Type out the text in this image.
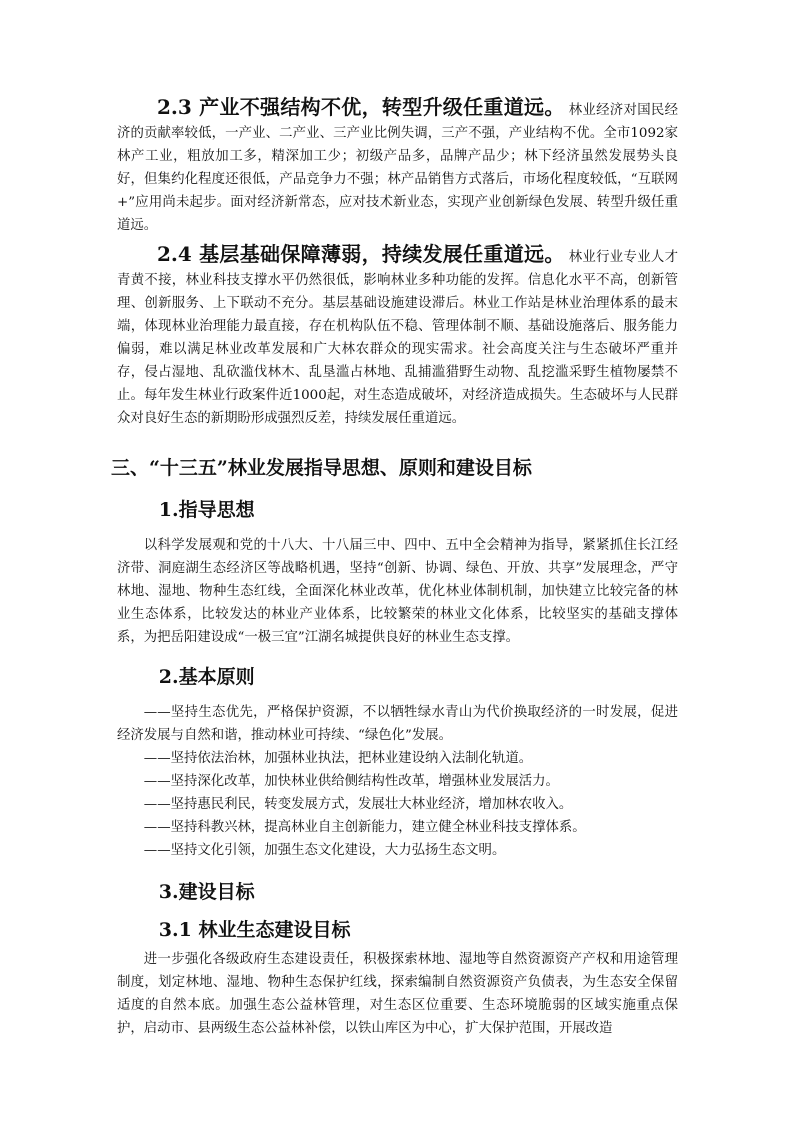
2.3 产业不强结构不优，转型升级任重道远。 林业经济对国民经济的贡献率较低，一产业、二产业、三产业比例失调，三产不强，产业结构不优。全市1092家林产工业，粗放加工多，精深加工少；初级产品多，品牌产品少；林下经济虽然发展势头良好，但集约化程度还很低，产品竞争力不强；林产品销售方式落后，市场化程度较低，“互联网+”应用尚未起步。面对经济新常态，应对技术新业态，实现产业创新绿色发展、转型升级任重道远。

2.4 基层基础保障薄弱，持续发展任重道远。 林业行业专业人才青黄不接，林业科技支撑水平仍然很低，影响林业多种功能的发挥。信息化水平不高，创新管理、创新服务、上下联动不充分。基层基础设施建设滞后。林业工作站是林业治理体系的最末端，体现林业治理能力最直接，存在机构队伍不稳、管理体制不顺、基础设施落后、服务能力偏弱，难以满足林业改革发展和广大林农群众的现实需求。社会高度关注与生态破坏严重并存，侵占湿地、乱砍滥伐林木、乱垦滥占林地、乱捕滥猎野生动物、乱挖滥采野生植物屡禁不止。每年发生林业行政案件近1000起，对生态造成破坏，对经济造成损失。生态破坏与人民群众对良好生态的新期盼形成强烈反差，持续发展任重道远。

三、“十三五”林业发展指导思想、原则和建设目标
1.指导思想

以科学发展观和党的十八大、十八届三中、四中、五中全会精神为指导，紧紧抓住长江经济带、洞庭湖生态经济区等战略机遇，坚持“创新、协调、绿色、开放、共享”发展理念，严守林地、湿地、物种生态红线，全面深化林业改革，优化林业体制机制，加快建立比较完备的林业生态体系，比较发达的林业产业体系，比较繁荣的林业文化体系，比较坚实的基础支撑体系，为把岳阳建设成“一极三宜”江湖名城提供良好的林业生态支撑。

2.基本原则

——坚持生态优先，严格保护资源，不以牺牲绿水青山为代价换取经济的一时发展，促进经济发展与自然和谐，推动林业可持续、“绿色化”发展。

——坚持依法治林，加强林业执法，把林业建设纳入法制化轨道。

——坚持深化改革，加快林业供给侧结构性改革，增强林业发展活力。

——坚持惠民利民，转变发展方式，发展壮大林业经济，增加林农收入。

——坚持科教兴林，提高林业自主创新能力，建立健全林业科技支撑体系。

——坚持文化引领，加强生态文化建设，大力弘扬生态文明。

3.建设目标
3.1 林业生态建设目标

进一步强化各级政府生态建设责任，积极探索林地、湿地等自然资源资产产权和用途管理制度，划定林地、湿地、物种生态保护红线，探索编制自然资源资产负债表，为生态安全保留适度的自然本底。加强生态公益林管理，对生态区位重要、生态环境脆弱的区域实施重点保护，启动市、县两级生态公益林补偿，以铁山库区为中心，扩大保护范围，开展改造
